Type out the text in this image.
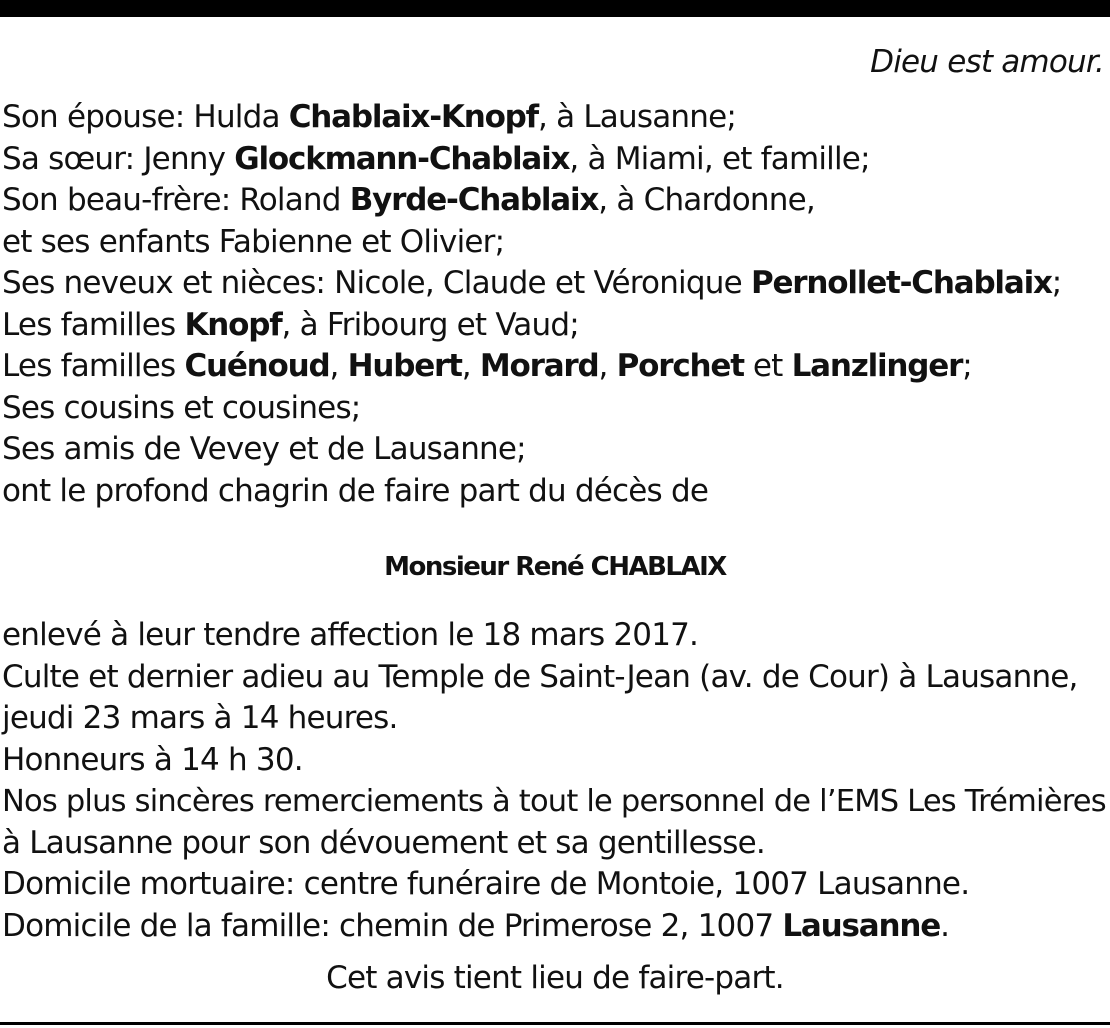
Dieu est amour.
Son épouse: Hulda Chablaix-Knopf, à Lausanne;
Sa sœur: Jenny Glockmann-Chablaix, à Miami, et famille;
Son beau-frère: Roland Byrde-Chablaix, à Chardonne,
et ses enfants Fabienne et Olivier;
Ses neveux et nièces: Nicole, Claude et Véronique Pernollet-Chablaix;
Les familles Knopf, à Fribourg et Vaud;
Les familles Cuénoud, Hubert, Morard, Porchet et Lanzlinger;
Ses cousins et cousines;
Ses amis de Vevey et de Lausanne;
ont le profond chagrin de faire part du décès de
Monsieur René CHABLAIX
enlevé à leur tendre affection le 18 mars 2017.
Culte et dernier adieu au Temple de Saint-Jean (av. de Cour) à Lausanne,
jeudi 23 mars à 14 heures.
Honneurs à 14 h 30.
Nos plus sincères remerciements à tout le personnel de l’EMS Les Trémières
à Lausanne pour son dévouement et sa gentillesse.
Domicile mortuaire: centre funéraire de Montoie, 1007 Lausanne.
Domicile de la famille: chemin de Primerose 2, 1007 Lausanne.
Cet avis tient lieu de faire-part.
